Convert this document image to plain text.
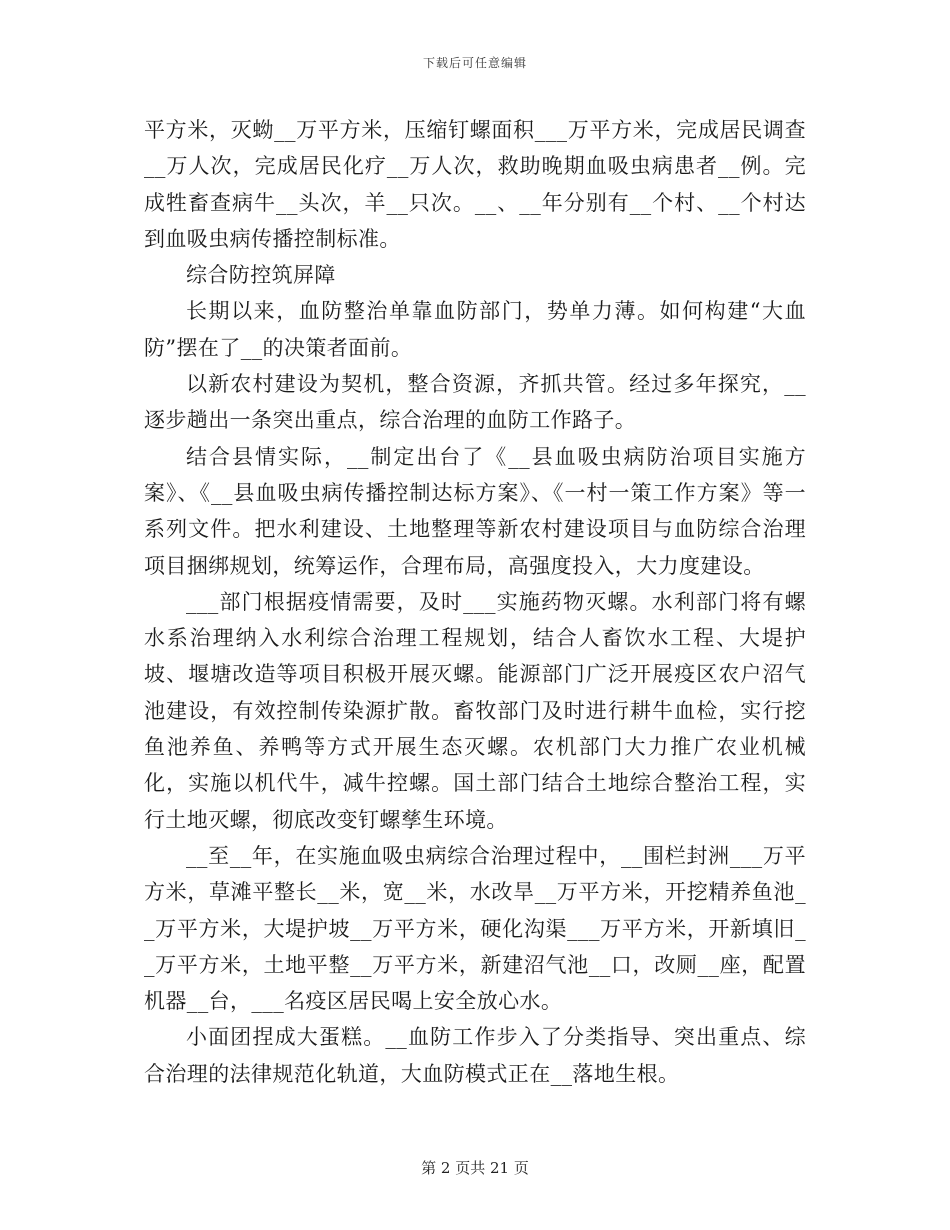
下载后可任意编辑

平方米，灭蚴__万平方米，压缩钉螺面积___万平方米，完成居民调查__万人次，完成居民化疗__万人次，救助晚期血吸虫病患者__例。完成牲畜查病牛__头次，羊__只次。__、__年分别有__个村、__个村达到血吸虫病传播控制标准。

综合防控筑屏障

长期以来，血防整治单靠血防部门，势单力薄。如何构建“大血防”摆在了__的决策者面前。

以新农村建设为契机，整合资源，齐抓共管。经过多年探究，__逐步趟出一条突出重点，综合治理的血防工作路子。

结合县情实际，__制定出台了《__县血吸虫病防治项目实施方案》、《__县血吸虫病传播控制达标方案》、《一村一策工作方案》等一系列文件。把水利建设、土地整理等新农村建设项目与血防综合治理项目捆绑规划，统筹运作，合理布局，高强度投入，大力度建设。

___部门根据疫情需要，及时___实施药物灭螺。水利部门将有螺水系治理纳入水利综合治理工程规划，结合人畜饮水工程、大堤护坡、堰塘改造等项目积极开展灭螺。能源部门广泛开展疫区农户沼气池建设，有效控制传染源扩散。畜牧部门及时进行耕牛血检，实行挖鱼池养鱼、养鸭等方式开展生态灭螺。农机部门大力推广农业机械化，实施以机代牛，减牛控螺。国土部门结合土地综合整治工程，实行土地灭螺，彻底改变钉螺孳生环境。

__至__年，在实施血吸虫病综合治理过程中，__围栏封洲___万平方米，草滩平整长__米，宽__米，水改旱__万平方米，开挖精养鱼池__万平方米，大堤护坡__万平方米，硬化沟渠___万平方米，开新填旧__万平方米，土地平整__万平方米，新建沼气池__口，改厕__座，配置机器__台，___名疫区居民喝上安全放心水。

小面团捏成大蛋糕。__血防工作步入了分类指导、突出重点、综合治理的法律规范化轨道，大血防模式正在__落地生根。

第 2 页共 21 页
